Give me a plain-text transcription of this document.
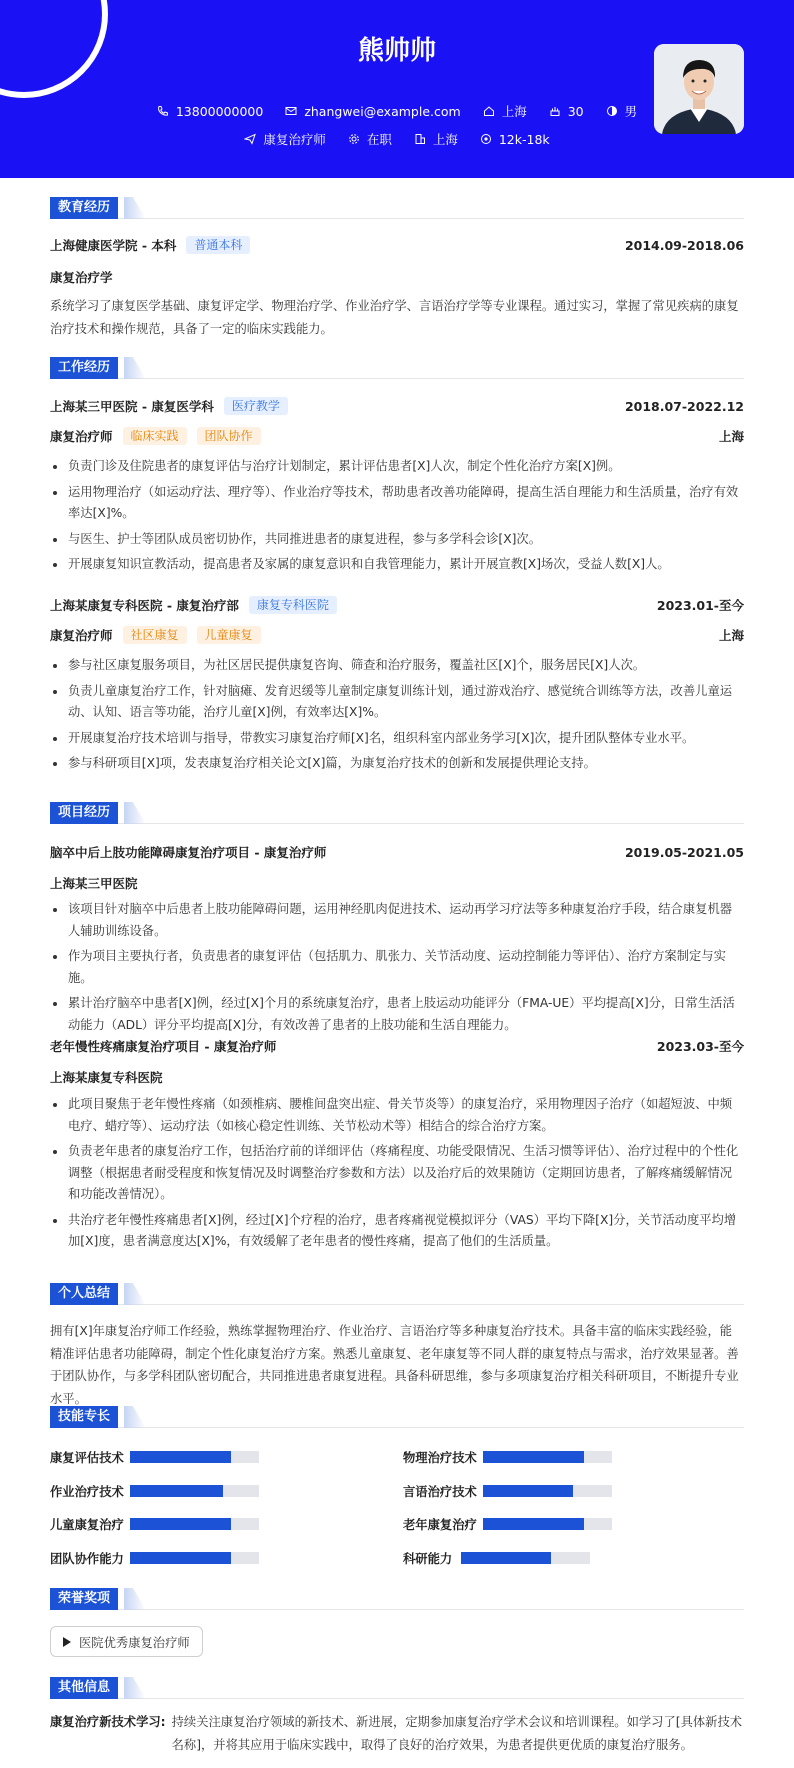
熊帅帅
13800000000	zhangwei@example.com	上海	30	男
康复治疗师	在职	上海	12k-18k
教育经历
上海健康医学院 - 本科	普通本科	2014.09-2018.06
康复治疗学
系统学习了康复医学基础、康复评定学、物理治疗学、作业治疗学、言语治疗学等专业课程。通过实习，掌握了常见疾病的康复治疗技术和操作规范，具备了一定的临床实践能力。
工作经历
上海某三甲医院 - 康复医学科	医疗教学	2018.07-2022.12
康复治疗师	临床实践	团队协作	上海
负责门诊及住院患者的康复评估与治疗计划制定，累计评估患者[X]人次，制定个性化治疗方案[X]例。
运用物理治疗（如运动疗法、理疗等）、作业治疗等技术，帮助患者改善功能障碍，提高生活自理能力和生活质量，治疗有效率达[X]%。
与医生、护士等团队成员密切协作，共同推进患者的康复进程，参与多学科会诊[X]次。
开展康复知识宣教活动，提高患者及家属的康复意识和自我管理能力，累计开展宣教[X]场次，受益人数[X]人。
上海某康复专科医院 - 康复治疗部	康复专科医院	2023.01-至今
康复治疗师	社区康复	儿童康复	上海
参与社区康复服务项目，为社区居民提供康复咨询、筛查和治疗服务，覆盖社区[X]个，服务居民[X]人次。
负责儿童康复治疗工作，针对脑瘫、发育迟缓等儿童制定康复训练计划，通过游戏治疗、感觉统合训练等方法，改善儿童运动、认知、语言等功能，治疗儿童[X]例，有效率达[X]%。
开展康复治疗技术培训与指导，带教实习康复治疗师[X]名，组织科室内部业务学习[X]次，提升团队整体专业水平。
参与科研项目[X]项，发表康复治疗相关论文[X]篇，为康复治疗技术的创新和发展提供理论支持。
项目经历
脑卒中后上肢功能障碍康复治疗项目 - 康复治疗师	2019.05-2021.05
上海某三甲医院
该项目针对脑卒中后患者上肢功能障碍问题，运用神经肌肉促进技术、运动再学习疗法等多种康复治疗手段，结合康复机器人辅助训练设备。
作为项目主要执行者，负责患者的康复评估（包括肌力、肌张力、关节活动度、运动控制能力等评估）、治疗方案制定与实施。
累计治疗脑卒中患者[X]例，经过[X]个月的系统康复治疗，患者上肢运动功能评分（FMA-UE）平均提高[X]分，日常生活活动能力（ADL）评分平均提高[X]分，有效改善了患者的上肢功能和生活自理能力。
老年慢性疼痛康复治疗项目 - 康复治疗师	2023.03-至今
上海某康复专科医院
此项目聚焦于老年慢性疼痛（如颈椎病、腰椎间盘突出症、骨关节炎等）的康复治疗，采用物理因子治疗（如超短波、中频电疗、蜡疗等）、运动疗法（如核心稳定性训练、关节松动术等）相结合的综合治疗方案。
负责老年患者的康复治疗工作，包括治疗前的详细评估（疼痛程度、功能受限情况、生活习惯等评估）、治疗过程中的个性化调整（根据患者耐受程度和恢复情况及时调整治疗参数和方法）以及治疗后的效果随访（定期回访患者，了解疼痛缓解情况和功能改善情况）。
共治疗老年慢性疼痛患者[X]例，经过[X]个疗程的治疗，患者疼痛视觉模拟评分（VAS）平均下降[X]分，关节活动度平均增加[X]度，患者满意度达[X]%，有效缓解了老年患者的慢性疼痛，提高了他们的生活质量。
个人总结
拥有[X]年康复治疗师工作经验，熟练掌握物理治疗、作业治疗、言语治疗等多种康复治疗技术。具备丰富的临床实践经验，能精准评估患者功能障碍，制定个性化康复治疗方案。熟悉儿童康复、老年康复等不同人群的康复特点与需求，治疗效果显著。善于团队协作，与多学科团队密切配合，共同推进患者康复进程。具备科研思维，参与多项康复治疗相关科研项目，不断提升专业水平。
技能专长
康复评估技术	物理治疗技术
作业治疗技术	言语治疗技术
儿童康复治疗	老年康复治疗
团队协作能力	科研能力
荣誉奖项
医院优秀康复治疗师
其他信息
康复治疗新技术学习: 持续关注康复治疗领域的新技术、新进展，定期参加康复治疗学术会议和培训课程。如学习了[具体新技术名称]，并将其应用于临床实践中，取得了良好的治疗效果，为患者提供更优质的康复治疗服务。
